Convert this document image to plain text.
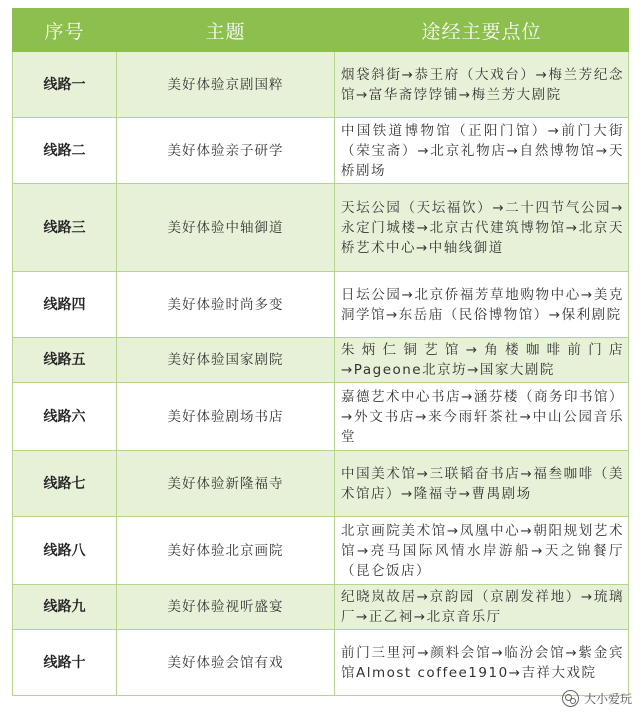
序号	主题	途经主要点位
线路一	美好体验京剧国粹	烟袋斜街→恭王府（大戏台）→梅兰芳纪念馆→富华斋饽饽铺→梅兰芳大剧院
线路二	美好体验亲子研学	中国铁道博物馆（正阳门馆）→前门大街（荣宝斋）→北京礼物店→自然博物馆→天桥剧场
线路三	美好体验中轴御道	天坛公园（天坛福饮）→二十四节气公园→永定门城楼→北京古代建筑博物馆→北京天桥艺术中心→中轴线御道
线路四	美好体验时尚多变	日坛公园→北京侨福芳草地购物中心→美克洞学馆→东岳庙（民俗博物馆）→保利剧院
线路五	美好体验国家剧院	朱炳仁铜艺馆→角楼咖啡前门店→Pageone北京坊→国家大剧院
线路六	美好体验剧场书店	嘉德艺术中心书店→涵芬楼（商务印书馆）→外文书店→来今雨轩茶社→中山公园音乐堂
线路七	美好体验新隆福寺	中国美术馆→三联韬奋书店→福叁咖啡（美术馆店）→隆福寺→曹禺剧场
线路八	美好体验北京画院	北京画院美术馆→凤凰中心→朝阳规划艺术馆→亮马国际风情水岸游船→天之锦餐厅（昆仑饭店）
线路九	美好体验视听盛宴	纪晓岚故居→京韵园（京剧发祥地）→琉璃厂→正乙祠→北京音乐厅
线路十	美好体验会馆有戏	前门三里河→颜料会馆→临汾会馆→紫金宾馆Almost coffee1910→吉祥大戏院
大小爱玩
